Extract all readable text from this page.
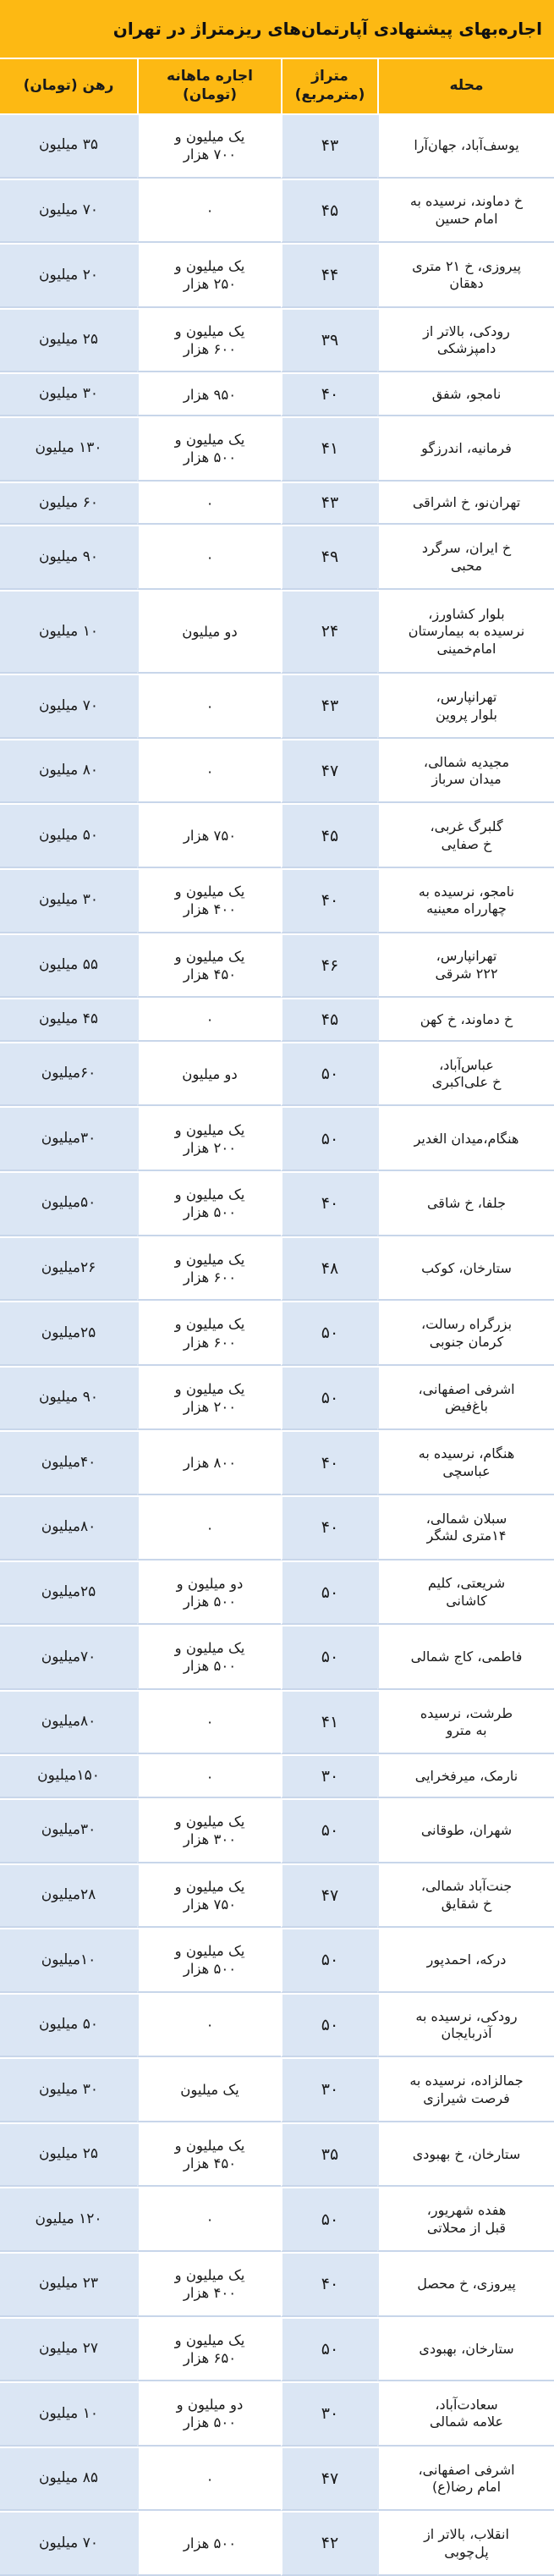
اجاره‌بهای پیشنهادی آپارتمان‌های ریزمتراژ در تهران
محله
متراژ
(مترمربع)
اجاره ماهانه
(تومان)
رهن (تومان)
یوسف‌آباد، جهان‌آرا
۴۳
یک میلیون و
۷۰۰ هزار
۳۵ میلیون
خ دماوند، نرسیده به
امام حسین
۴۵
۰
۷۰ میلیون
پیروزی، خ ۲۱ متری
دهقان
۴۴
یک میلیون و
۲۵۰ هزار
۲۰ میلیون
رودکی، بالاتر از
دامپزشکی
۳۹
یک میلیون و
۶۰۰ هزار
۲۵ میلیون
نامجو، شفق
۴۰
۹۵۰ هزار
۳۰ میلیون
فرمانیه، اندرزگو
۴۱
یک میلیون و
۵۰۰ هزار
۱۳۰ میلیون
تهران‌نو، خ اشراقی
۴۳
۰
۶۰ میلیون
خ ایران، سرگرد
محبی
۴۹
۰
۹۰ میلیون
بلوار کشاورز،
نرسیده به بیمارستان
امام‌خمینی
۲۴
دو میلیون
۱۰ میلیون
تهرانپارس،
بلوار پروین
۴۳
۰
۷۰ میلیون
مجیدیه شمالی،
میدان سرباز
۴۷
۰
۸۰ میلیون
گلبرگ غربی،
خ صفایی
۴۵
۷۵۰ هزار
۵۰ میلیون
نامجو، نرسیده به
چهارراه معینیه
۴۰
یک میلیون و
۴۰۰ هزار
۳۰ میلیون
تهرانپارس،
۲۲۲ شرقی
۴۶
یک میلیون و
۴۵۰ هزار
۵۵ میلیون
خ دماوند، خ کهن
۴۵
۰
۴۵ میلیون
عباس‌آباد،
خ علی‌اکبری
۵۰
دو میلیون
۶۰میلیون
هنگام،میدان الغدیر
۵۰
یک میلیون و
۲۰۰ هزار
۳۰میلیون
جلفا، خ شاقی
۴۰
یک میلیون و
۵۰۰ هزار
۵۰میلیون
ستارخان، کوکب
۴۸
یک میلیون و
۶۰۰ هزار
۲۶میلیون
بزرگراه رسالت،
کرمان جنوبی
۵۰
یک میلیون و
۶۰۰ هزار
۲۵میلیون
اشرفی اصفهانی،
باغ‌فیض
۵۰
یک میلیون و
۲۰۰ هزار
۹۰ میلیون
هنگام، نرسیده به
عباسچی
۴۰
۸۰۰ هزار
۴۰میلیون
سبلان شمالی،
۱۴متری لشگر
۴۰
۰
۸۰میلیون
شریعتی، کلیم
کاشانی
۵۰
دو میلیون و
۵۰۰ هزار
۲۵میلیون
فاطمی، کاج شمالی
۵۰
یک میلیون و
۵۰۰ هزار
۷۰میلیون
طرشت، نرسیده
به مترو
۴۱
۰
۸۰میلیون
نارمک، میرفخرایی
۳۰
۰
۱۵۰میلیون
شهران، طوقانی
۵۰
یک میلیون و
۳۰۰ هزار
۳۰میلیون
جنت‌آباد شمالی،
خ شقایق
۴۷
یک میلیون و
۷۵۰ هزار
۲۸میلیون
درکه، احمدپور
۵۰
یک میلیون و
۵۰۰ هزار
۱۰میلیون
رودکی، نرسیده به
آذربایجان
۵۰
۰
۵۰ میلیون
جمالزاده، نرسیده به
فرصت شیرازی
۳۰
یک میلیون
۳۰ میلیون
ستارخان، خ بهبودی
۳۵
یک میلیون و
۴۵۰ هزار
۲۵ میلیون
هفده شهریور،
قبل از محلاتی
۵۰
۰
۱۲۰ میلیون
پیروزی، خ محصل
۴۰
یک میلیون و
۴۰۰ هزار
۲۳ میلیون
ستارخان، بهبودی
۵۰
یک میلیون و
۶۵۰ هزار
۲۷ میلیون
سعادت‌آباد،
علامه شمالی
۳۰
دو میلیون و
۵۰۰ هزار
۱۰ میلیون
اشرفی اصفهانی،
امام رضا(ع)
۴۷
۰
۸۵ میلیون
انقلاب، بالاتر از
پل‌چوبی
۴۲
۵۰۰ هزار
۷۰ میلیون
